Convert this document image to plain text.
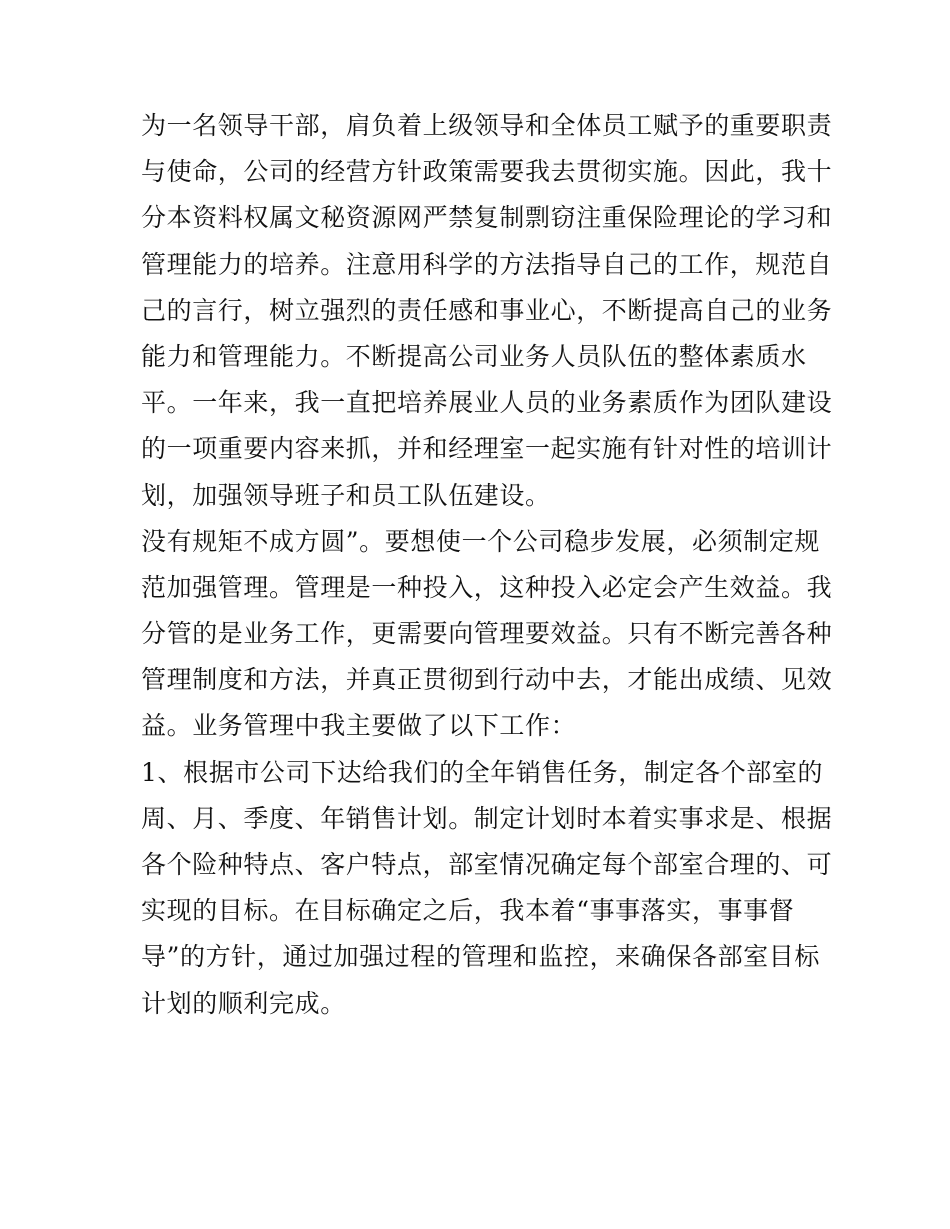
为一名领导干部，肩负着上级领导和全体员工赋予的重要职责
与使命，公司的经营方针政策需要我去贯彻实施。因此，我十
分本资料权属文秘资源网严禁复制剽窃注重保险理论的学习和
管理能力的培养。注意用科学的方法指导自己的工作，规范自
己的言行，树立强烈的责任感和事业心，不断提高自己的业务
能力和管理能力。不断提高公司业务人员队伍的整体素质水
平。一年来，我一直把培养展业人员的业务素质作为团队建设
的一项重要内容来抓，并和经理室一起实施有针对性的培训计
划，加强领导班子和员工队伍建设。
没有规矩不成方圆”。要想使一个公司稳步发展，必须制定规
范加强管理。管理是一种投入，这种投入必定会产生效益。我
分管的是业务工作，更需要向管理要效益。只有不断完善各种
管理制度和方法，并真正贯彻到行动中去，才能出成绩、见效
益。业务管理中我主要做了以下工作：
1、根据市公司下达给我们的全年销售任务，制定各个部室的
周、月、季度、年销售计划。制定计划时本着实事求是、根据
各个险种特点、客户特点，部室情况确定每个部室合理的、可
实现的目标。在目标确定之后，我本着“事事落实，事事督
导”的方针，通过加强过程的管理和监控，来确保各部室目标
计划的顺利完成。
